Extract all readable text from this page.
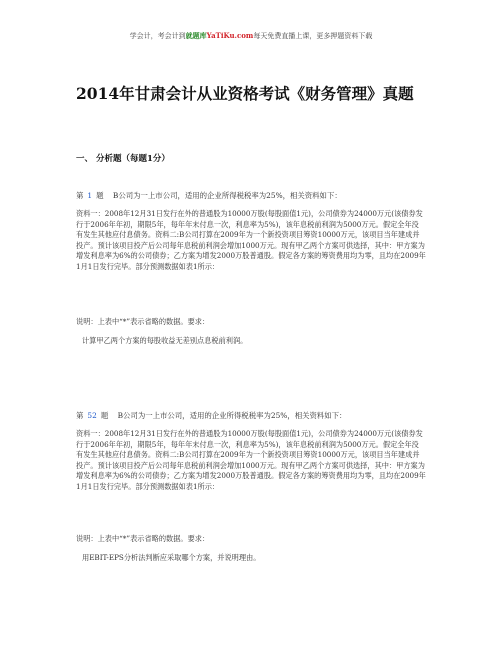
学会计，考会计到就题库YaTiKu.com每天免费直播上课，更多押题资料下载
2014年甘肃会计从业资格考试《财务管理》真题
一、 分析题（每题1分）

第 1 题 B公司为一上市公司，适用的企业所得税税率为25%，相关资料如下：

资料一：2008年12月31日发行在外的普通股为10000万股(每股面值1元)，公司债券为24000万元(该债券发行于2006年年初，期限5年，每年年末付息一次，利息率为5%)，该年息税前利润为5000万元。假定全年没有发生其他应付息债务。资料二:B公司打算在2009年为一个新投资项目筹资10000万元，该项目当年建成并投产。预计该项目投产后公司每年息税前利润会增加1000万元。现有甲乙两个方案可供选择，其中：甲方案为增发利息率为6%的公司债券；乙方案为增发2000万股普通股。假定各方案的筹资费用均为零，且均在2009年1月1日发行完毕。部分预测数据如表1所示：

说明：上表中“*”表示省略的数据。要求：

计算甲乙两个方案的每股收益无差别点息税前利润。

第 52 题 B公司为一上市公司，适用的企业所得税税率为25%，相关资料如下：

资料一：2008年12月31日发行在外的普通股为10000万股(每股面值1元)，公司债券为24000万元(该债券发行于2006年年初，期限5年，每年年末付息一次，利息率为5%)，该年息税前利润为5000万元。假定全年没有发生其他应付息债务。资料二:B公司打算在2009年为一个新投资项目筹资10000万元，该项目当年建成并投产。预计该项目投产后公司每年息税前利润会增加1000万元。现有甲乙两个方案可供选择，其中：甲方案为增发利息率为6%的公司债券；乙方案为增发2000万股普通股。假定各方案的筹资费用均为零，且均在2009年1月1日发行完毕。部分预测数据如表1所示：

说明：上表中“*”表示省略的数据。要求：

用EBIT-EPS分析法判断应采取哪个方案，并说明理由。
